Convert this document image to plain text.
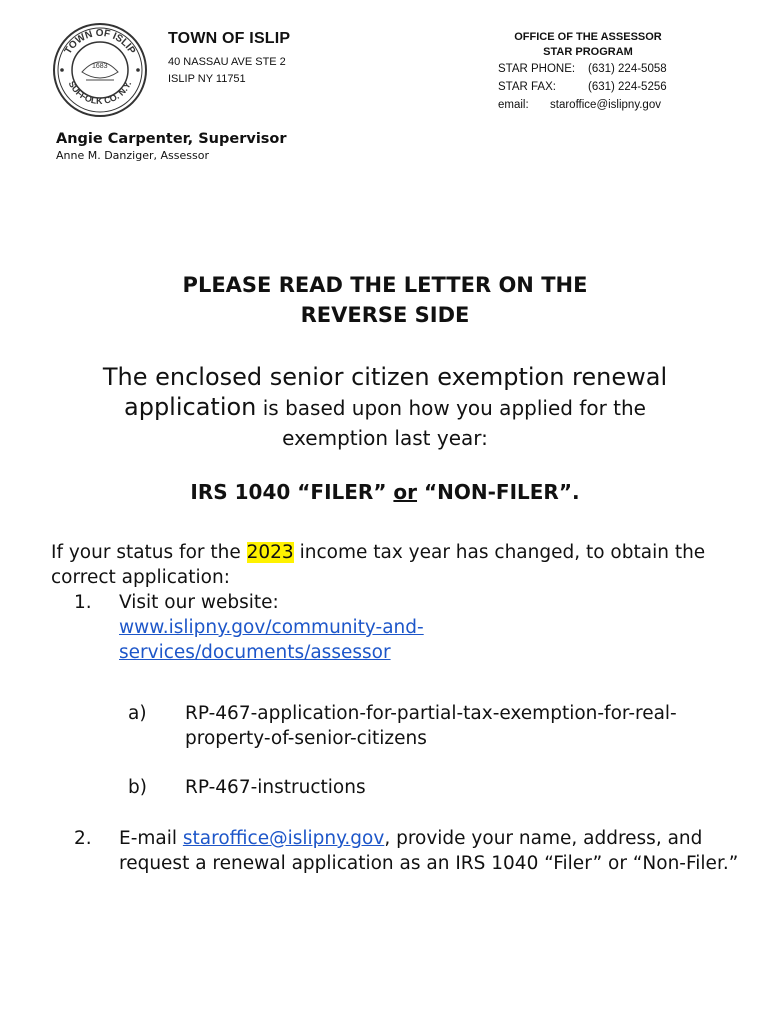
TOWN OF ISLIP
SUFFOLK CO. N.Y.
1683
TOWN OF ISLIP
40 NASSAU AVE STE 2
ISLIP NY 11751
OFFICE OF THE ASSESSOR
STAR PROGRAM
STAR PHONE:	(631) 224-5058
STAR FAX:	(631) 224-5256
email:	staroffice@islipny.gov
Angie Carpenter, Supervisor
Anne M. Danziger, Assessor
PLEASE READ THE LETTER ON THE
REVERSE SIDE
The enclosed senior citizen exemption renewal
application is based upon how you applied for the
exemption last year:
IRS 1040 “FILER” or “NON-FILER”.
If your status for the 2023 income tax year has changed, to obtain the correct application:
1.	Visit our website:
www.islipny.gov/community-and-
services/documents/assessor
a)	RP-467-application-for-partial-tax-exemption-for-real-property-of-senior-citizens
b)	RP-467-instructions
2.	E-mail staroffice@islipny.gov, provide your name, address, and request a renewal application as an IRS 1040 “Filer” or “Non-Filer.”
